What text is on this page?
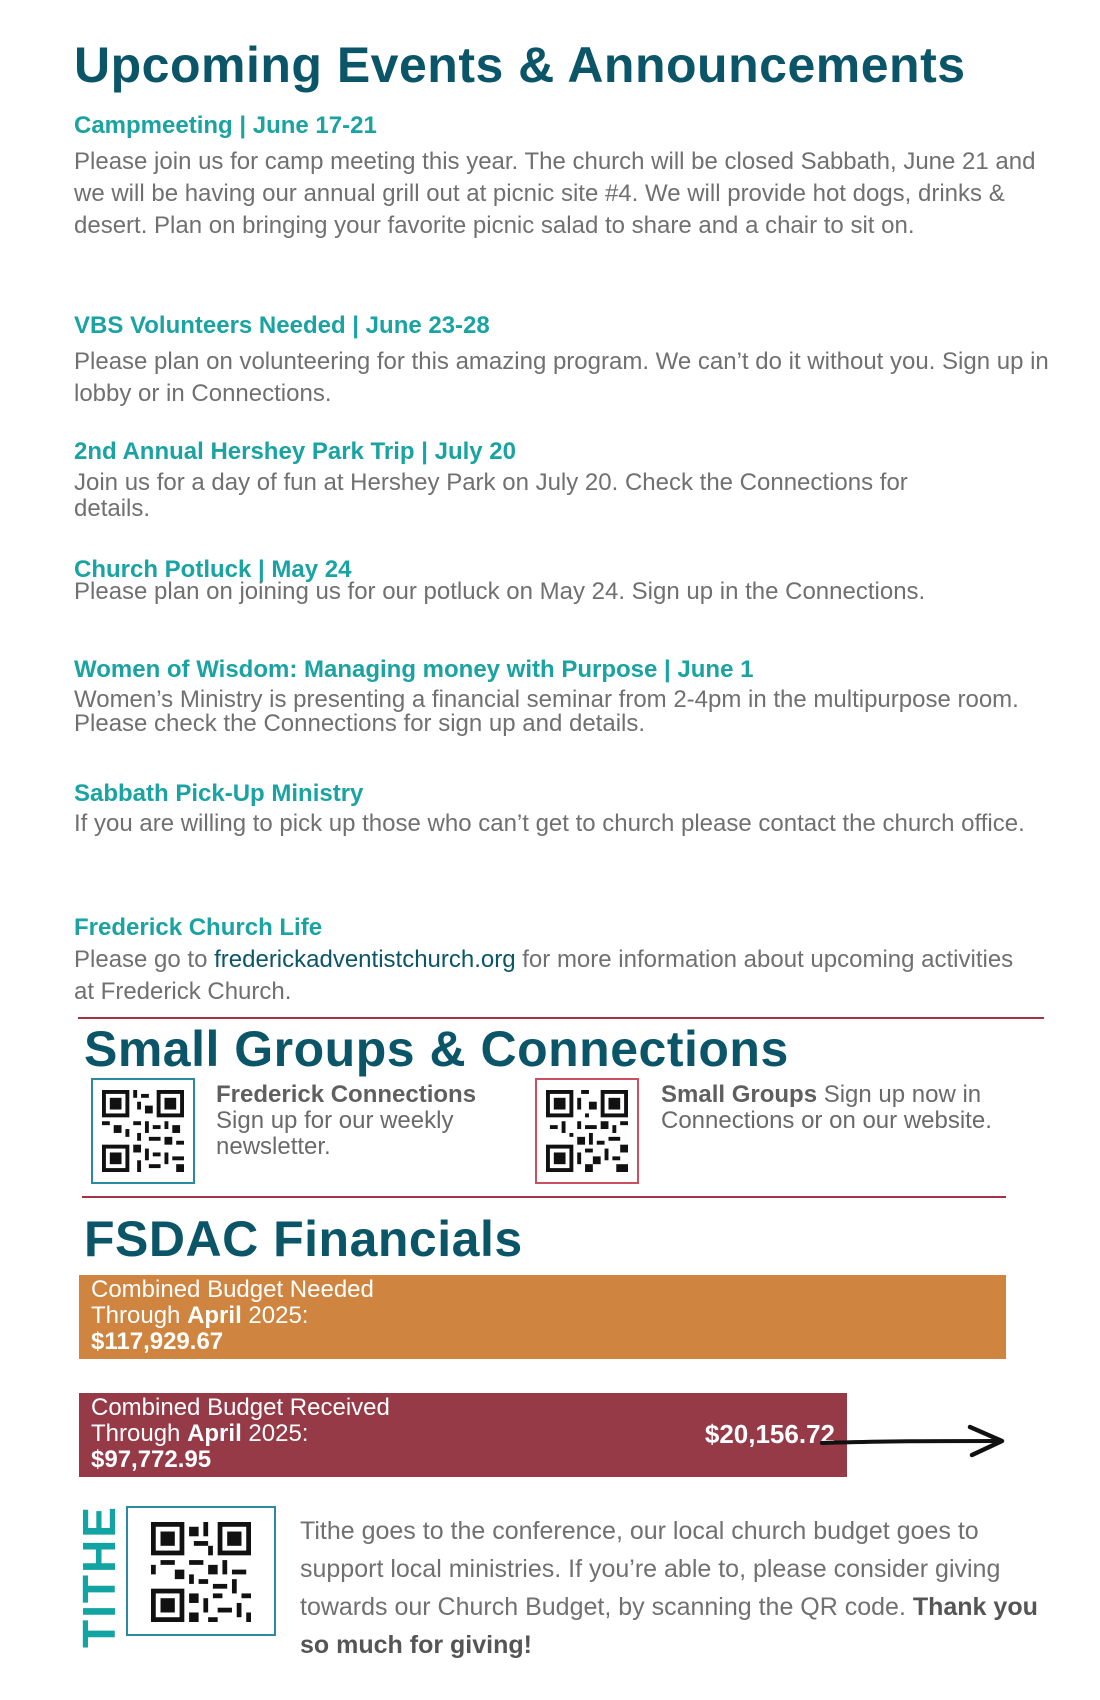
Upcoming Events & Announcements
Campmeeting | June 17-21
Please join us for camp meeting this year. The church will be closed Sabbath, June 21 and we will be having our annual grill out at picnic site #4. We will provide hot dogs, drinks & desert. Plan on bringing your favorite picnic salad to share and a chair to sit on.
VBS Volunteers Needed | June 23-28
Please plan on volunteering for this amazing program. We can’t do it without you. Sign up in lobby or in Connections.
2nd Annual Hershey Park Trip | July 20
Join us for a day of fun at Hershey Park on July 20. Check the Connections for details.
Church Potluck | May 24
Please plan on joining us for our potluck on May 24. Sign up in the Connections.
Women of Wisdom: Managing money with Purpose | June 1
Women’s Ministry is presenting a financial seminar from 2-4pm in the multipurpose room. Please check the Connections for sign up and details.
Sabbath Pick-Up Ministry
If you are willing to pick up those who can’t get to church please contact the church office.
Frederick Church Life
Please go to frederickadventistchurch.org for more information about upcoming activities at Frederick Church.
Small Groups & Connections
Frederick Connections Sign up for our weekly newsletter.
Small Groups Sign up now in Connections or on our website.
FSDAC Financials
Combined Budget Needed
Through April 2025:
$117,929.67
Combined Budget Received
Through April 2025:
$97,772.95
$20,156.72
TITHE	Tithe goes to the conference, our local church budget goes to support local ministries. If you’re able to, please consider giving towards our Church Budget, by scanning the QR code. Thank you so much for giving!
